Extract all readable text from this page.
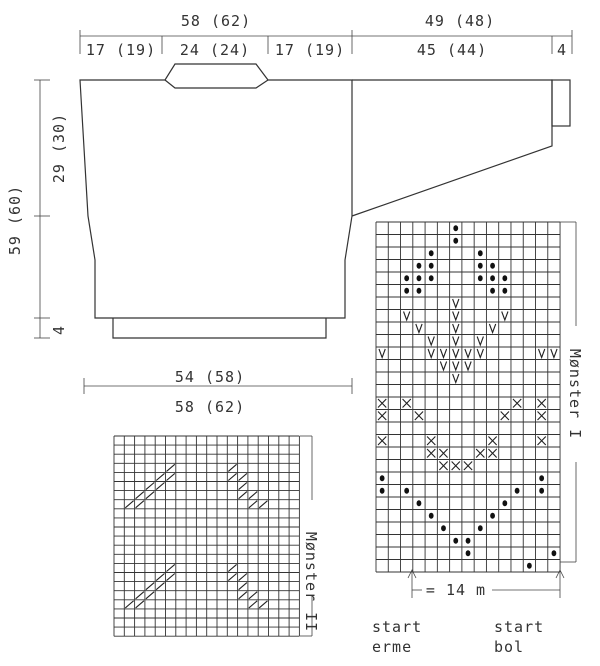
58 (62)	49 (48)
17 (19) 24 (24) 17 (19)	45 (44)	4
59 (60)
29 (30)
4
54 (58)
58 (62)	Mønster I
= 14 m
start
erme
start
bol
Mønster II
